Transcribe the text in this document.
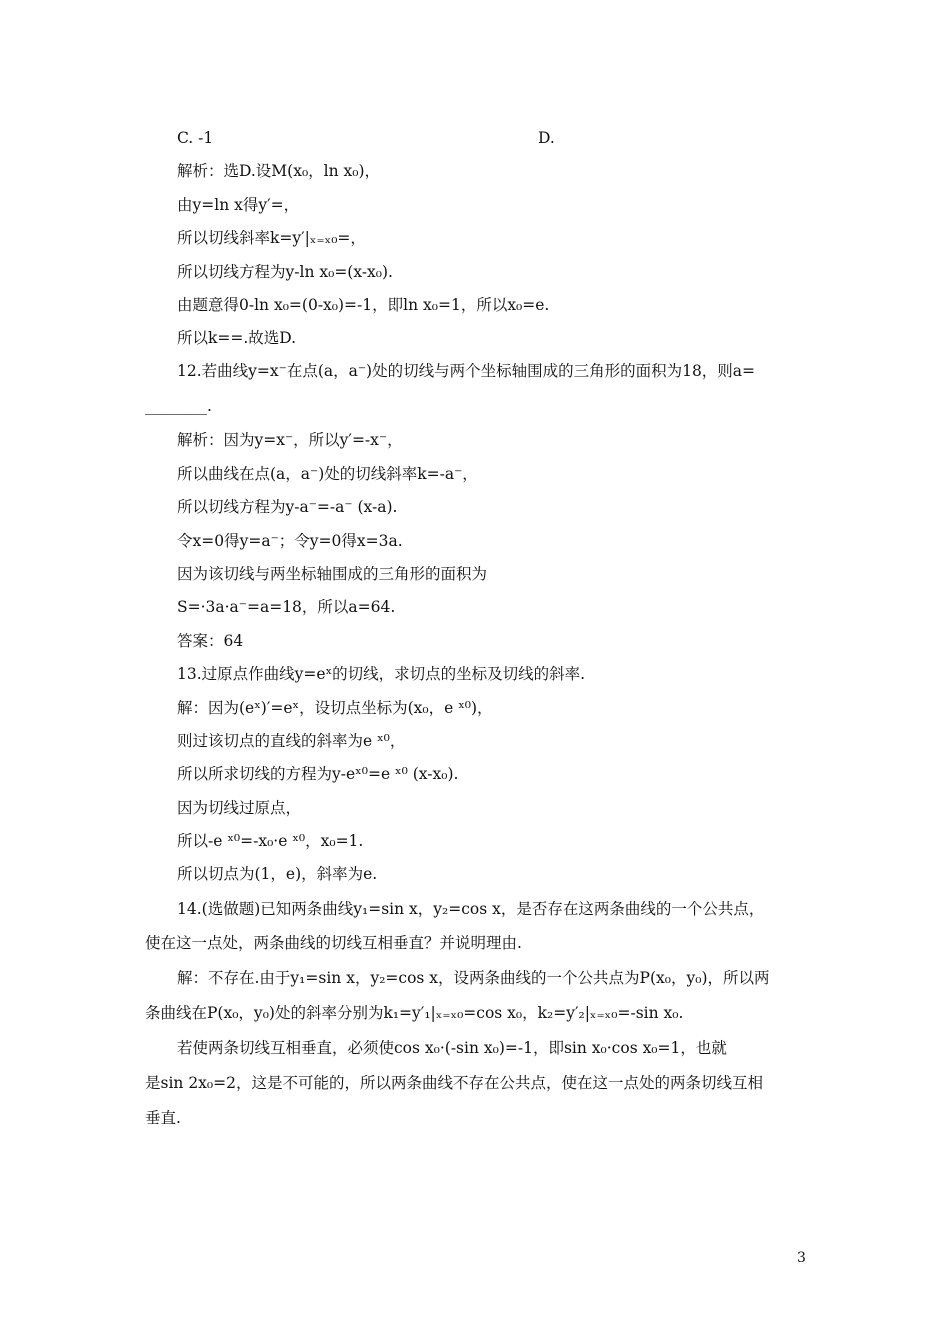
C. -1	D.
解析：选D.设M(x₀，ln x₀)，
由y=ln x得y′=，
所以切线斜率k=y′|ₓ₌ₓ₀=，
所以切线方程为y-ln x₀=(x-x₀).
由题意得0-ln x₀=(0-x₀)=-1，即ln x₀=1，所以x₀=e.
所以k==.故选D.
12.若曲线y=x⁻在点(a，a⁻)处的切线与两个坐标轴围成的三角形的面积为18，则a=
________.
解析：因为y=x⁻，所以y′=-x⁻，
所以曲线在点(a，a⁻)处的切线斜率k=-a⁻，
所以切线方程为y-a⁻=-a⁻ (x-a).
令x=0得y=a⁻；令y=0得x=3a.
因为该切线与两坐标轴围成的三角形的面积为
S=·3a·a⁻=a=18，所以a=64.
答案：64
13.过原点作曲线y=eˣ的切线，求切点的坐标及切线的斜率.
解：因为(eˣ)′=eˣ，设切点坐标为(x₀，e ˣ⁰)，
则过该切点的直线的斜率为e ˣ⁰，
所以所求切线的方程为y-eˣ⁰=e ˣ⁰ (x-x₀).
因为切线过原点，
所以-e ˣ⁰=-x₀·e ˣ⁰，x₀=1.
所以切点为(1，e)，斜率为e.
14.(选做题)已知两条曲线y₁=sin x，y₂=cos x，是否存在这两条曲线的一个公共点，
使在这一点处，两条曲线的切线互相垂直？并说明理由.
解：不存在.由于y₁=sin x，y₂=cos x，设两条曲线的一个公共点为P(x₀，y₀)，所以两
条曲线在P(x₀，y₀)处的斜率分别为k₁=y′₁|ₓ₌ₓ₀=cos x₀，k₂=y′₂|ₓ₌ₓ₀=-sin x₀.
若使两条切线互相垂直，必须使cos x₀·(-sin x₀)=-1，即sin x₀·cos x₀=1，也就
是sin 2x₀=2，这是不可能的，所以两条曲线不存在公共点，使在这一点处的两条切线互相
垂直.
3
